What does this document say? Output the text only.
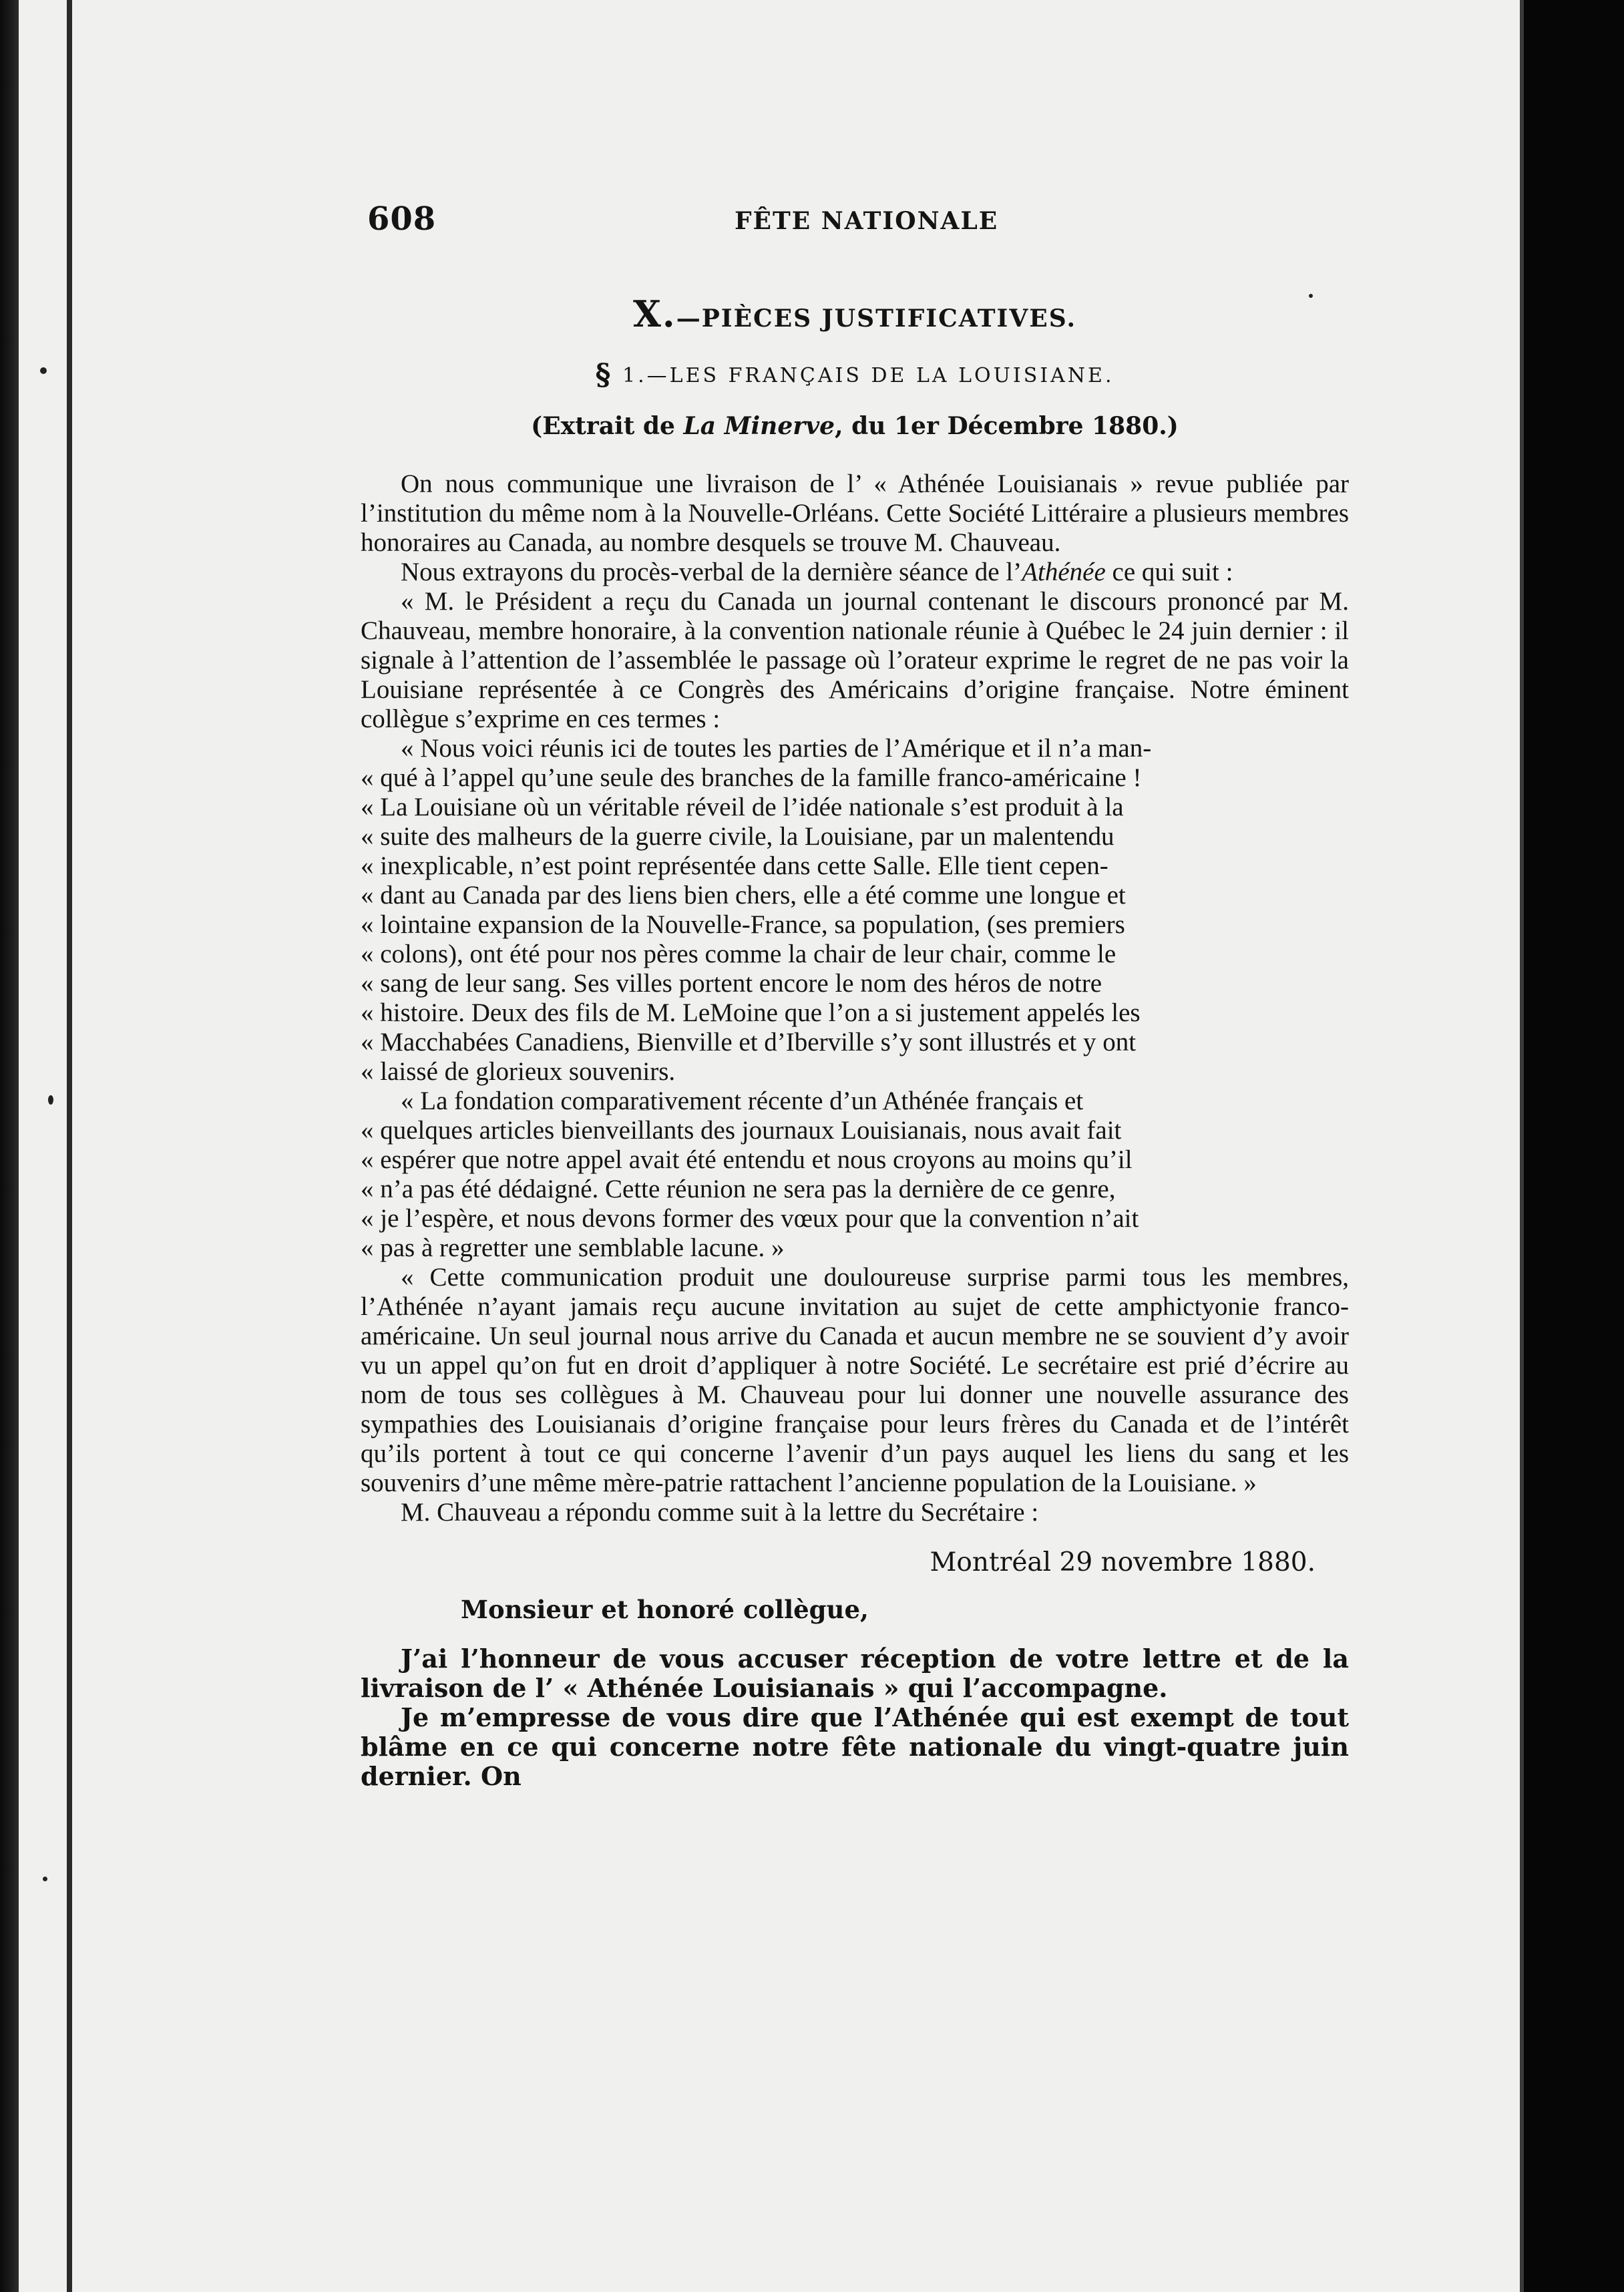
608	FÊTE NATIONALE
X.—PIÈCES JUSTIFICATIVES.
§ 1.—LES FRANÇAIS DE LA LOUISIANE.
(Extrait de La Minerve, du 1er Décembre 1880.)

On nous communique une livraison de l’ « Athénée Louisianais » revue publiée par l’institution du même nom à la Nouvelle-Orléans. Cette Société Littéraire a plusieurs membres honoraires au Canada, au nombre desquels se trouve M. Chauveau.

Nous extrayons du procès-verbal de la dernière séance de l’Athénée ce qui suit :

« M. le Président a reçu du Canada un journal contenant le discours prononcé par M. Chauveau, membre honoraire, à la convention nationale réunie à Québec le 24 juin dernier : il signale à l’attention de l’assemblée le passage où l’orateur exprime le regret de ne pas voir la Louisiane représentée à ce Congrès des Américains d’origine française. Notre éminent collègue s’exprime en ces termes :

« Nous voici réunis ici de toutes les parties de l’Amérique et il n’a man-

« qué à l’appel qu’une seule des branches de la famille franco-américaine !

« La Louisiane où un véritable réveil de l’idée nationale s’est produit à la

« suite des malheurs de la guerre civile, la Louisiane, par un malentendu

« inexplicable, n’est point représentée dans cette Salle. Elle tient cepen-

« dant au Canada par des liens bien chers, elle a été comme une longue et

« lointaine expansion de la Nouvelle-France, sa population, (ses premiers

« colons), ont été pour nos pères comme la chair de leur chair, comme le

« sang de leur sang. Ses villes portent encore le nom des héros de notre

« histoire. Deux des fils de M. LeMoine que l’on a si justement appelés les

« Macchabées Canadiens, Bienville et d’Iberville s’y sont illustrés et y ont

« laissé de glorieux souvenirs.

« La fondation comparativement récente d’un Athénée français et

« quelques articles bienveillants des journaux Louisianais, nous avait fait

« espérer que notre appel avait été entendu et nous croyons au moins qu’il

« n’a pas été dédaigné. Cette réunion ne sera pas la dernière de ce genre,

« je l’espère, et nous devons former des vœux pour que la convention n’ait

« pas à regretter une semblable lacune. »

« Cette communication produit une douloureuse surprise parmi tous les membres, l’Athénée n’ayant jamais reçu aucune invitation au sujet de cette amphictyonie franco-américaine. Un seul journal nous arrive du Canada et aucun membre ne se souvient d’y avoir vu un appel qu’on fut en droit d’appliquer à notre Société. Le secrétaire est prié d’écrire au nom de tous ses collègues à M. Chauveau pour lui donner une nouvelle assurance des sympathies des Louisianais d’origine française pour leurs frères du Canada et de l’intérêt qu’ils portent à tout ce qui concerne l’avenir d’un pays auquel les liens du sang et les souvenirs d’une même mère-patrie rattachent l’ancienne population de la Louisiane. »

M. Chauveau a répondu comme suit à la lettre du Secrétaire :

Montréal 29 novembre 1880.
Monsieur et honoré collègue,

J’ai l’honneur de vous accuser réception de votre lettre et de la livraison de l’ « Athénée Louisianais » qui l’accompagne.

Je m’empresse de vous dire que l’Athénée qui est exempt de tout blâme en ce qui concerne notre fête nationale du vingt-quatre juin dernier. On
